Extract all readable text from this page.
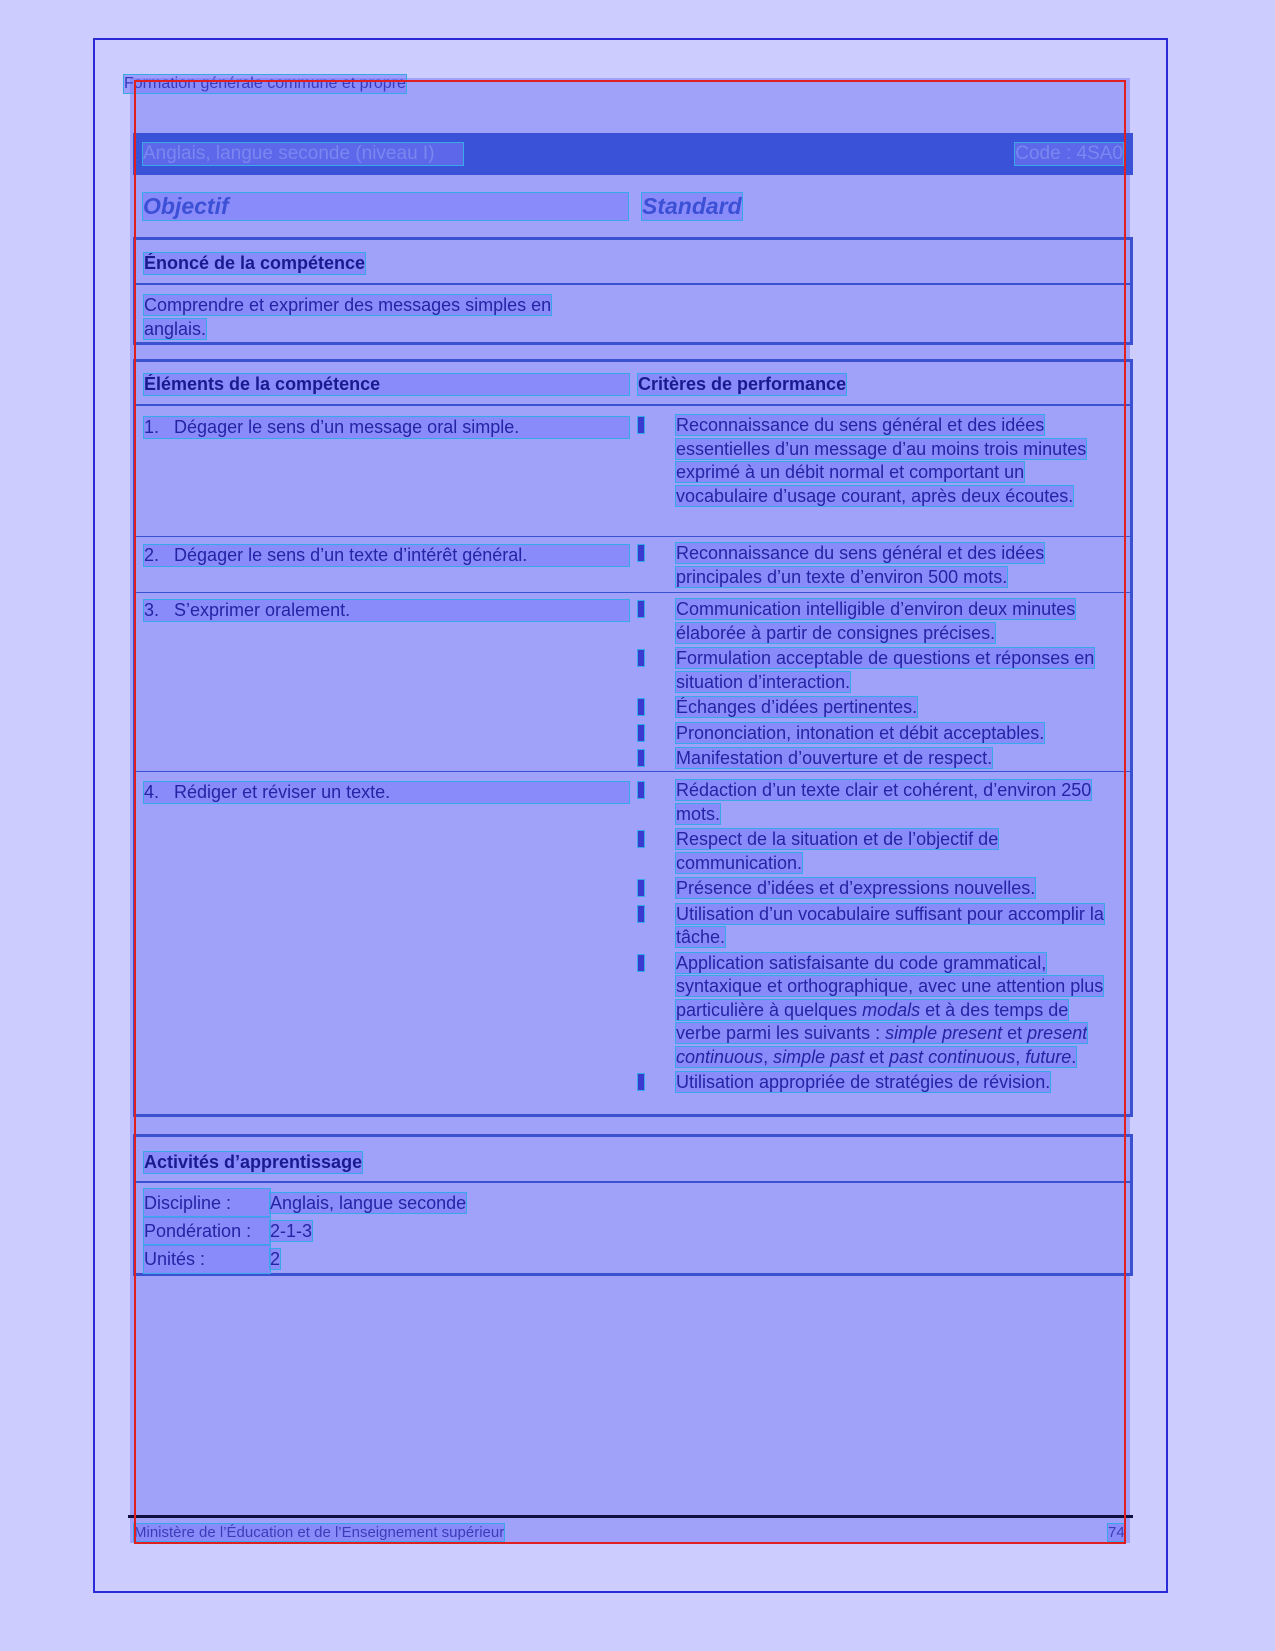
Formation générale commune et propre
Anglais, langue seconde (niveau I)	Code : 4SA0
Objectif	Standard
Énoncé de la compétence
Comprendre et exprimer des messages simples en
anglais.
Éléments de la compétence	Critères de performance
1. Dégager le sens d’un message oral simple.	Reconnaissance du sens général et des idées essentielles d’un message d’au moins trois minutes exprimé à un débit normal et comportant un vocabulaire d’usage courant, après deux écoutes.
2. Dégager le sens d’un texte d’intérêt général.	Reconnaissance du sens général et des idées principales d’un texte d’environ 500 mots.
3. S’exprimer oralement.	Communication intelligible d’environ deux minutes élaborée à partir de consignes précises.
Formulation acceptable de questions et réponses en situation d’interaction.
Échanges d’idées pertinentes.
Prononciation, intonation et débit acceptables.
Manifestation d’ouverture et de respect.
4. Rédiger et réviser un texte.	Rédaction d’un texte clair et cohérent, d’environ 250 mots.
Respect de la situation et de l’objectif de communication.
Présence d’idées et d’expressions nouvelles.
Utilisation d’un vocabulaire suffisant pour accomplir la tâche.
Application satisfaisante du code grammatical, syntaxique et orthographique, avec une attention plus particulière à quelques modals et à des temps de verbe parmi les suivants : simple present et present continuous, simple past et past continuous, future.
Utilisation appropriée de stratégies de révision.
Activités d’apprentissage
Discipline : Anglais, langue seconde
Pondération : 2-1-3
Unités :	2
Ministère de l’Éducation et de l’Enseignement supérieur	74
